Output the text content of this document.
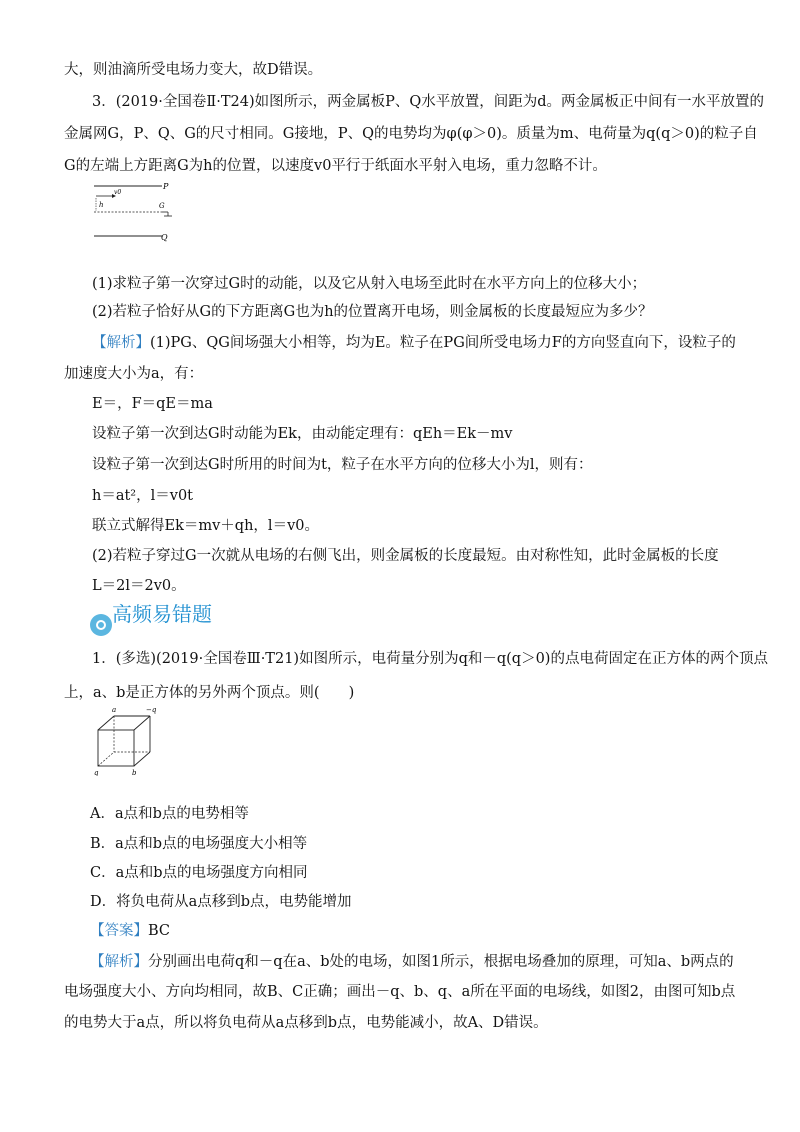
大，则油滴所受电场力变大，故D错误。
3．(2019·全国卷Ⅱ·T24)如图所示，两金属板P、Q水平放置，间距为d。两金属板正中间有一水平放置的
金属网G，P、Q、G的尺寸相同。G接地，P、Q的电势均为φ(φ＞0)。质量为m、电荷量为q(q＞0)的粒子自
G的左端上方距离G为h的位置，以速度v0平行于纸面水平射入电场，重力忽略不计。
P
v0
h	G
Q
(1)求粒子第一次穿过G时的动能，以及它从射入电场至此时在水平方向上的位移大小；
(2)若粒子恰好从G的下方距离G也为h的位置离开电场，则金属板的长度最短应为多少？
【解析】(1)PG、QG间场强大小相等，均为E。粒子在PG间所受电场力F的方向竖直向下，设粒子的
加速度大小为a，有：
E＝，F＝qE＝ma
设粒子第一次到达G时动能为Ek，由动能定理有：qEh＝Ek－mv
设粒子第一次到达G时所用的时间为t，粒子在水平方向的位移大小为l，则有：
h＝at²，l＝v0t
联立式解得Ek＝mv＋qh，l＝v0。
(2)若粒子穿过G一次就从电场的右侧飞出，则金属板的长度最短。由对称性知，此时金属板的长度
L＝2l＝2v0。
高频易错题
1．(多选)(2019·全国卷Ⅲ·T21)如图所示，电荷量分别为q和－q(q＞0)的点电荷固定在正方体的两个顶点
上，a、b是正方体的另外两个顶点。则(　　)
a	−q
q	b
A．a点和b点的电势相等
B．a点和b点的电场强度大小相等
C．a点和b点的电场强度方向相同
D．将负电荷从a点移到b点，电势能增加
【答案】BC
【解析】分别画出电荷q和－q在a、b处的电场，如图1所示，根据电场叠加的原理，可知a、b两点的
电场强度大小、方向均相同，故B、C正确；画出－q、b、q、a所在平面的电场线，如图2，由图可知b点
的电势大于a点，所以将负电荷从a点移到b点，电势能减小，故A、D错误。
